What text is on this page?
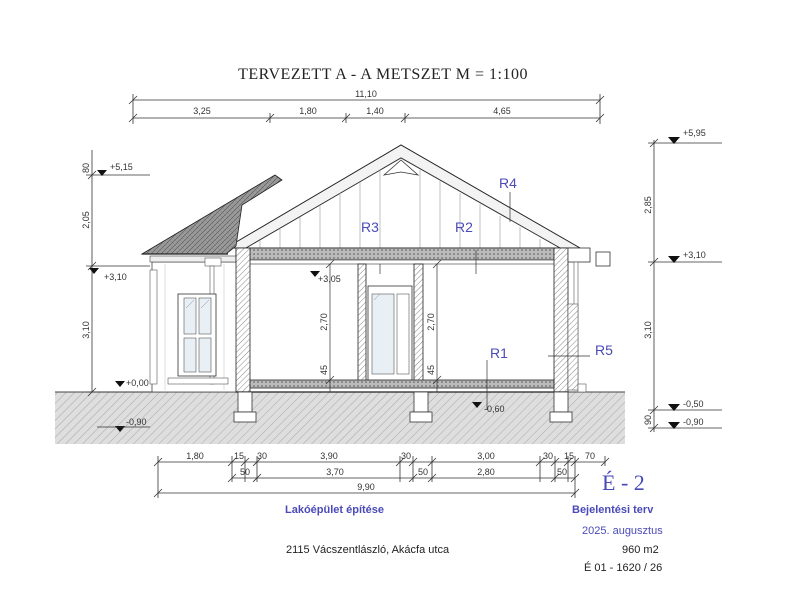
TERVEZETT A - A METSZET M = 1:100
11,10
3,25	1,80	1,40	4,65
80
2,05
3,10
+5,15
+3,10
+0,00
-0,90
2,85
3,10
90
+5,95
+3,10
-0,50
-0,90
+3,05
-0,60
2,70
45
2,70
45
R4
R3	R2
R1	R5
1,80	15 30	3,90	30	3,00	30 15 70
50	3,70	50	2,80	50
9,90	É - 2
Lakóépület építése	Bejelentési terv
2025. augusztus
2115 Vácszentlászló, Akácfa utca	960 m2
É 01 - 1620 / 26
